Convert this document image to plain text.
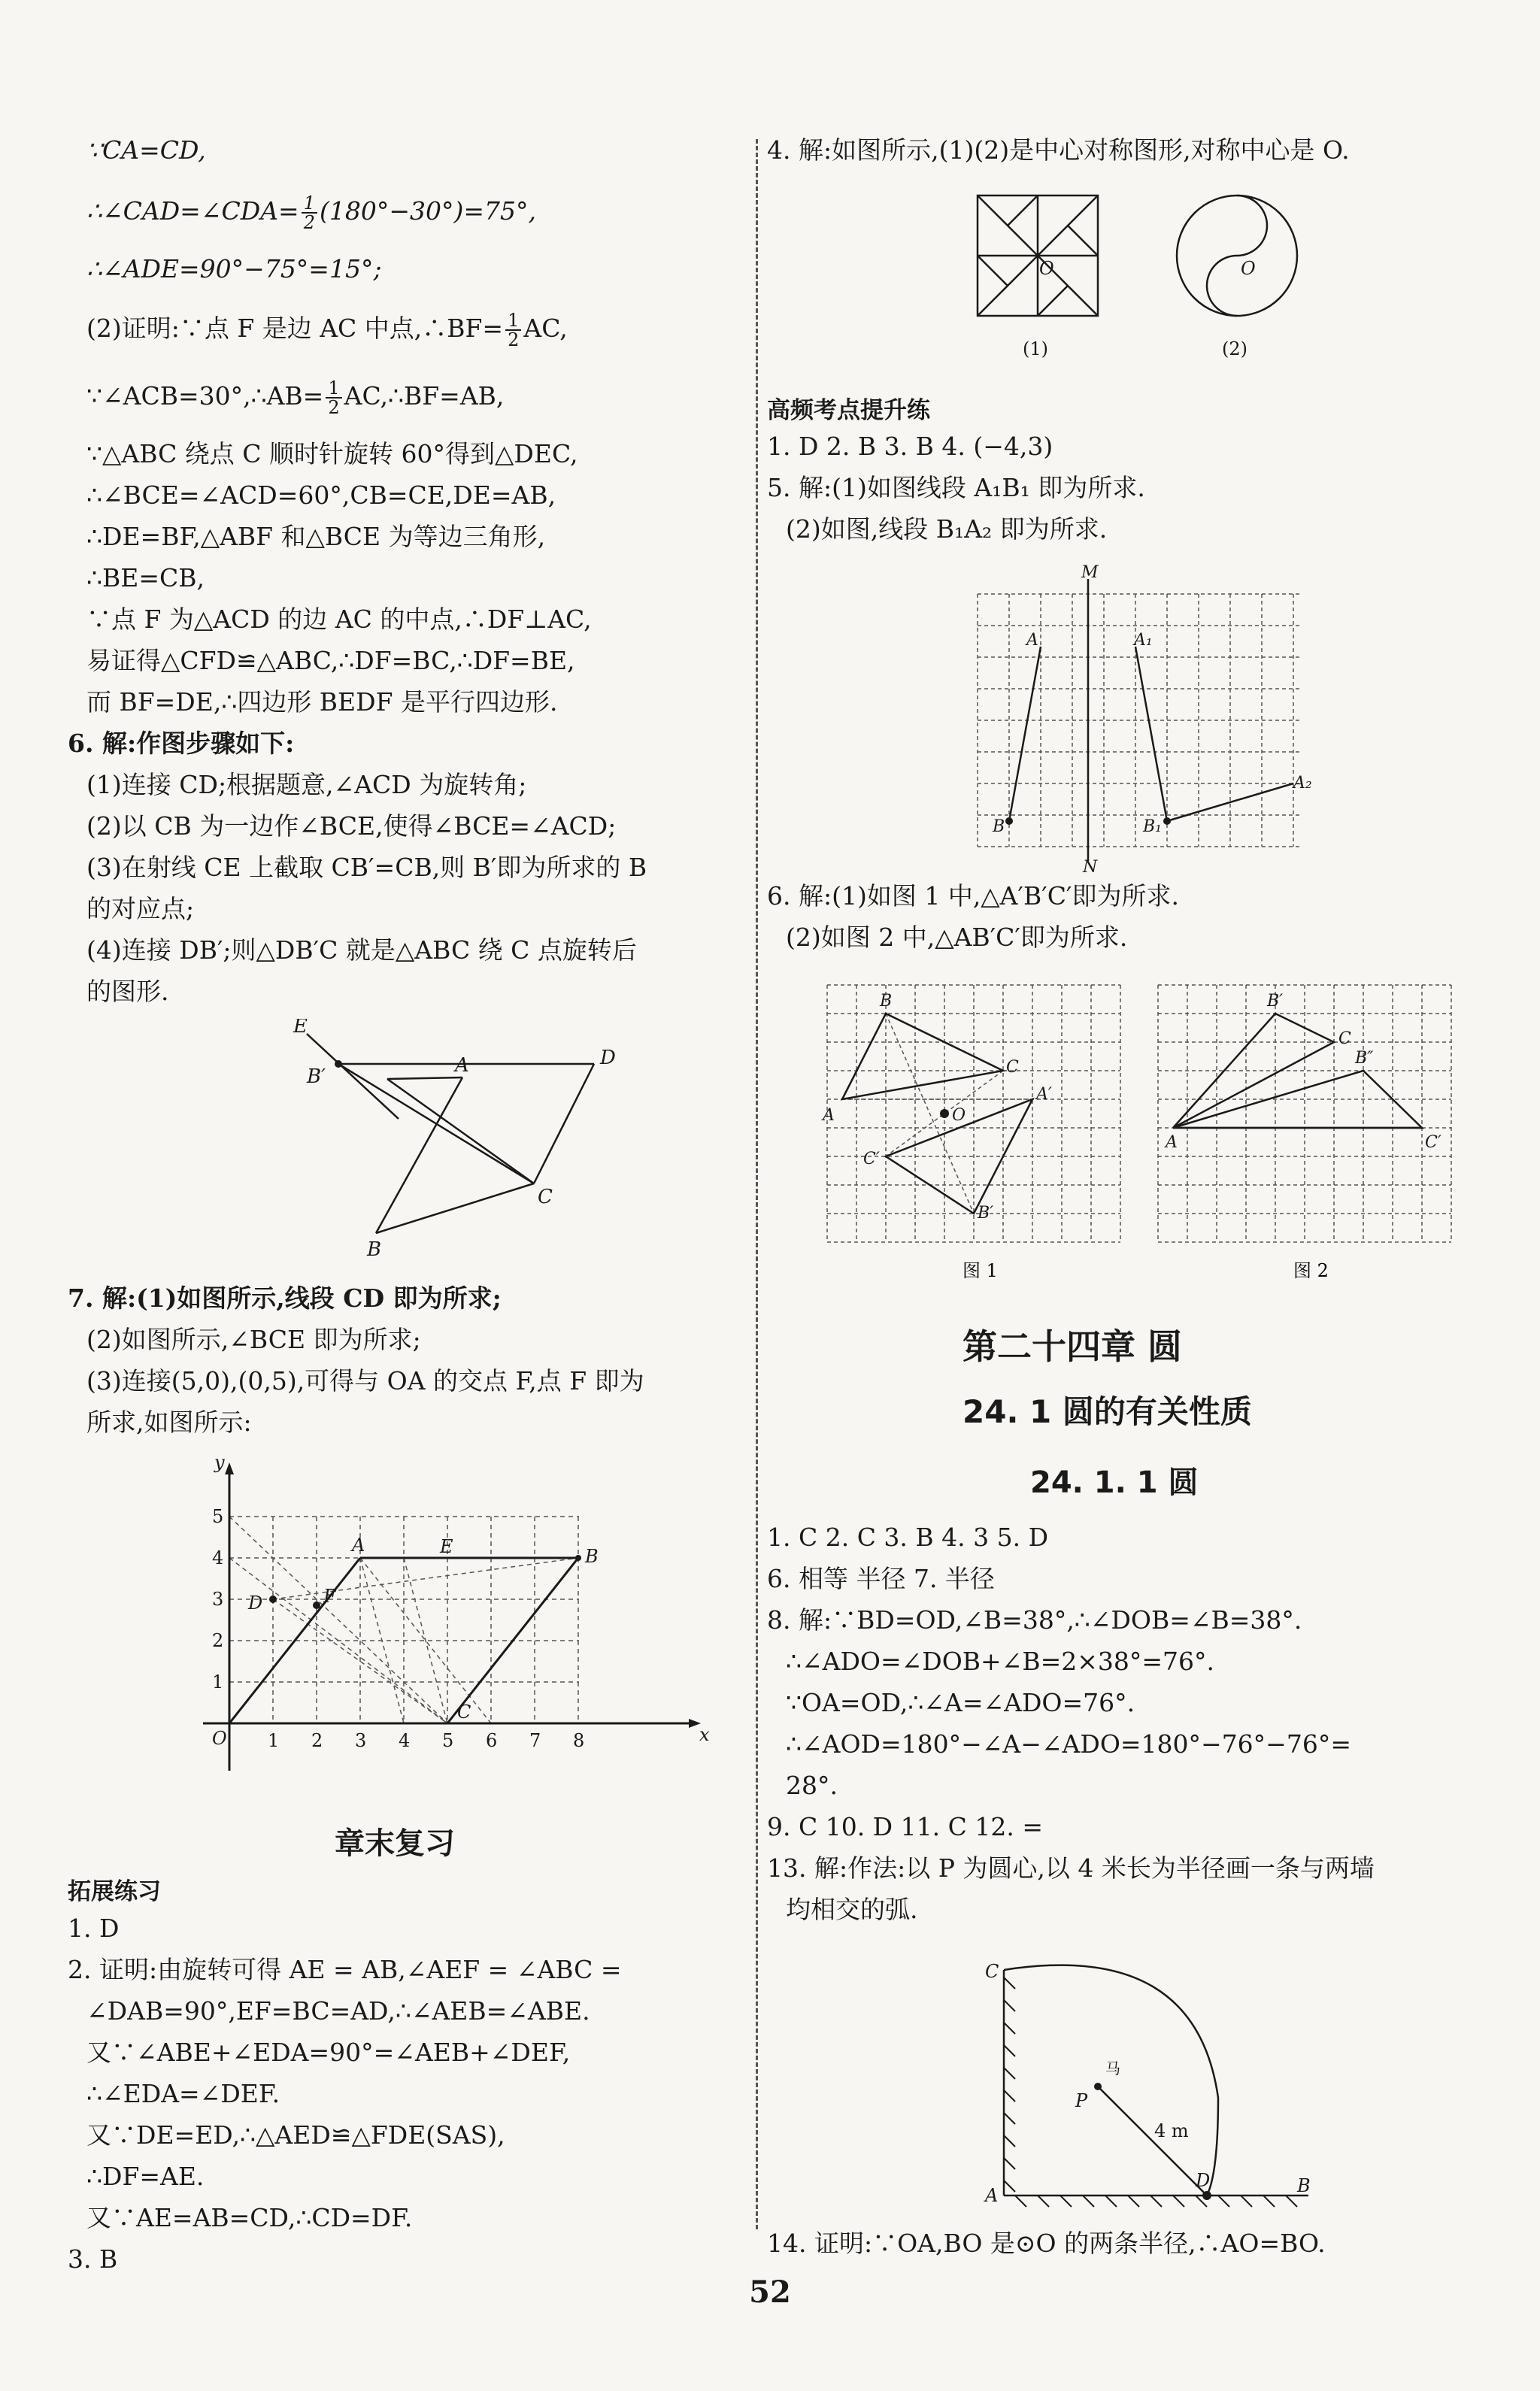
∵CA=CD,
∴∠CAD=∠CDA= $\frac{1}{2} (180^\circ-30^\circ)=75^\circ$,
∴∠ADE=90°−75°=15°;
(2)证明:∵点 F 是边 AC 中点,∴BF= $\frac{1}{2}$ AC,
∵∠ACB=30°,∴AB= $\frac{1}{2}$ AC,∴BF=AB,
∵△ABC 绕点 C 顺时针旋转 60°得到△DEC,
∴∠BCE=∠ACD=60°,CB=CE,DE=AB,
∴DE=BF,△ABF 和△BCE 为等边三角形,
∴BE=CB,
∵点 F 为△ACD 的边 AC 的中点,∴DF⊥AC,
易证得△CFD≌△ABC,∴DF=BC,∴DF=BE,
而 BF=DE,∴四边形 BEDF 是平行四边形.
6. 解:作图步骤如下:
(1)连接 CD;根据题意,∠ACD 为旋转角;
(2)以 CB 为一边作∠BCE,使得∠BCE=∠ACD;
(3)在射线 CE 上截取 CB′=CB,则 B′即为所求的 B
的对应点;
(4)连接 DB′;则△DB′C 就是△ABC 绕 C 点旋转后
的图形.
E
B′	A	D
C
B
7. 解:(1)如图所示,线段 CD 即为所求;
(2)如图所示,∠BCE 即为所求;
(3)连接(5,0),(0,5),可得与 OA 的交点 F,点 F 即为
所求,如图所示:
y
x
O 1 2 3 4 5 6 7 8
1
2
3
4
5
A	E	B
D	F
C
章末复习
拓展练习
1. D
2. 证明:由旋转可得 AE = AB,∠AEF = ∠ABC =
∠DAB=90°,EF=BC=AD,∴∠AEB=∠ABE.
又∵∠ABE+∠EDA=90°=∠AEB+∠DEF,
∴∠EDA=∠DEF.
又∵DE=ED,∴△AED≌△FDE(SAS),
∴DF=AE.
又∵AE=AB=CD,∴CD=DF.
3. B
4. 解:如图所示,(1)(2)是中心对称图形,对称中心是 O.
O	O
(1)	(2)
高频考点提升练
1. D 2. B 3. B 4. (−4,3)
5. 解:(1)如图线段 A₁B₁ 即为所求.
(2)如图,线段 B₁A₂ 即为所求.
M
N
A	A₁
A₂
B	B₁
6. 解:(1)如图 1 中,△A′B′C′即为所求.
(2)如图 2 中,△AB′C′即为所求.
B
C
A′
O
A
C′
B′
图 1
B′
C
B″
A	C′
图 2
第二十四章 圆
24. 1 圆的有关性质
24. 1. 1 圆
1. C 2. C 3. B 4. 3 5. D
6. 相等 半径 7. 半径
8. 解:∵BD=OD,∠B=38°,∴∠DOB=∠B=38°.
∴∠ADO=∠DOB+∠B=2×38°=76°.
∵OA=OD,∴∠A=∠ADO=76°.
∴∠AOD=180°−∠A−∠ADO=180°−76°−76°=
28°.
9. C 10. D 11. C 12. =
13. 解:作法:以 P 为圆心,以 4 米长为半径画一条与两墙
均相交的弧.
C
P
马
4 m
D
A	B
14. 证明:∵OA,BO 是⊙O 的两条半径,∴AO=BO.
52
